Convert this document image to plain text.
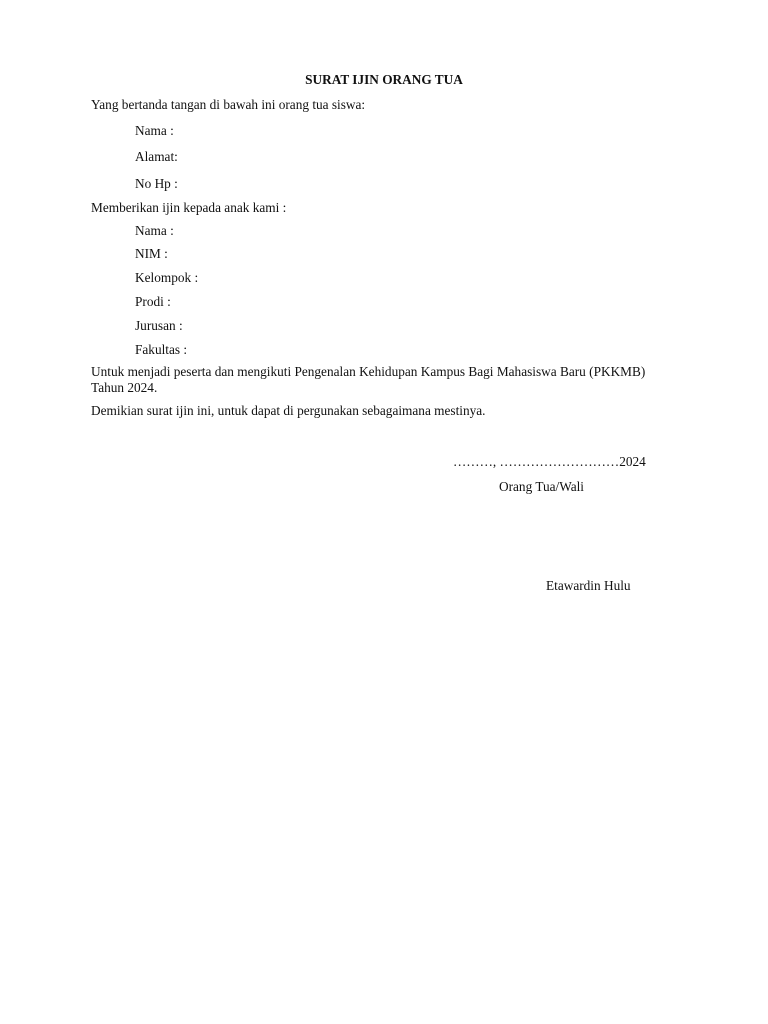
SURAT IJIN ORANG TUA
Yang bertanda tangan di bawah ini orang tua siswa:
Nama :
Alamat:
No Hp :
Memberikan ijin kepada anak kami :
Nama :
NIM :
Kelompok :
Prodi :
Jurusan :
Fakultas :
Untuk menjadi peserta dan mengikuti Pengenalan Kehidupan Kampus Bagi Mahasiswa Baru (PKKMB) Tahun 2024.
Demikian surat ijin ini, untuk dapat di pergunakan sebagaimana mestinya.
………, ………………………2024
Orang Tua/Wali
Etawardin Hulu
